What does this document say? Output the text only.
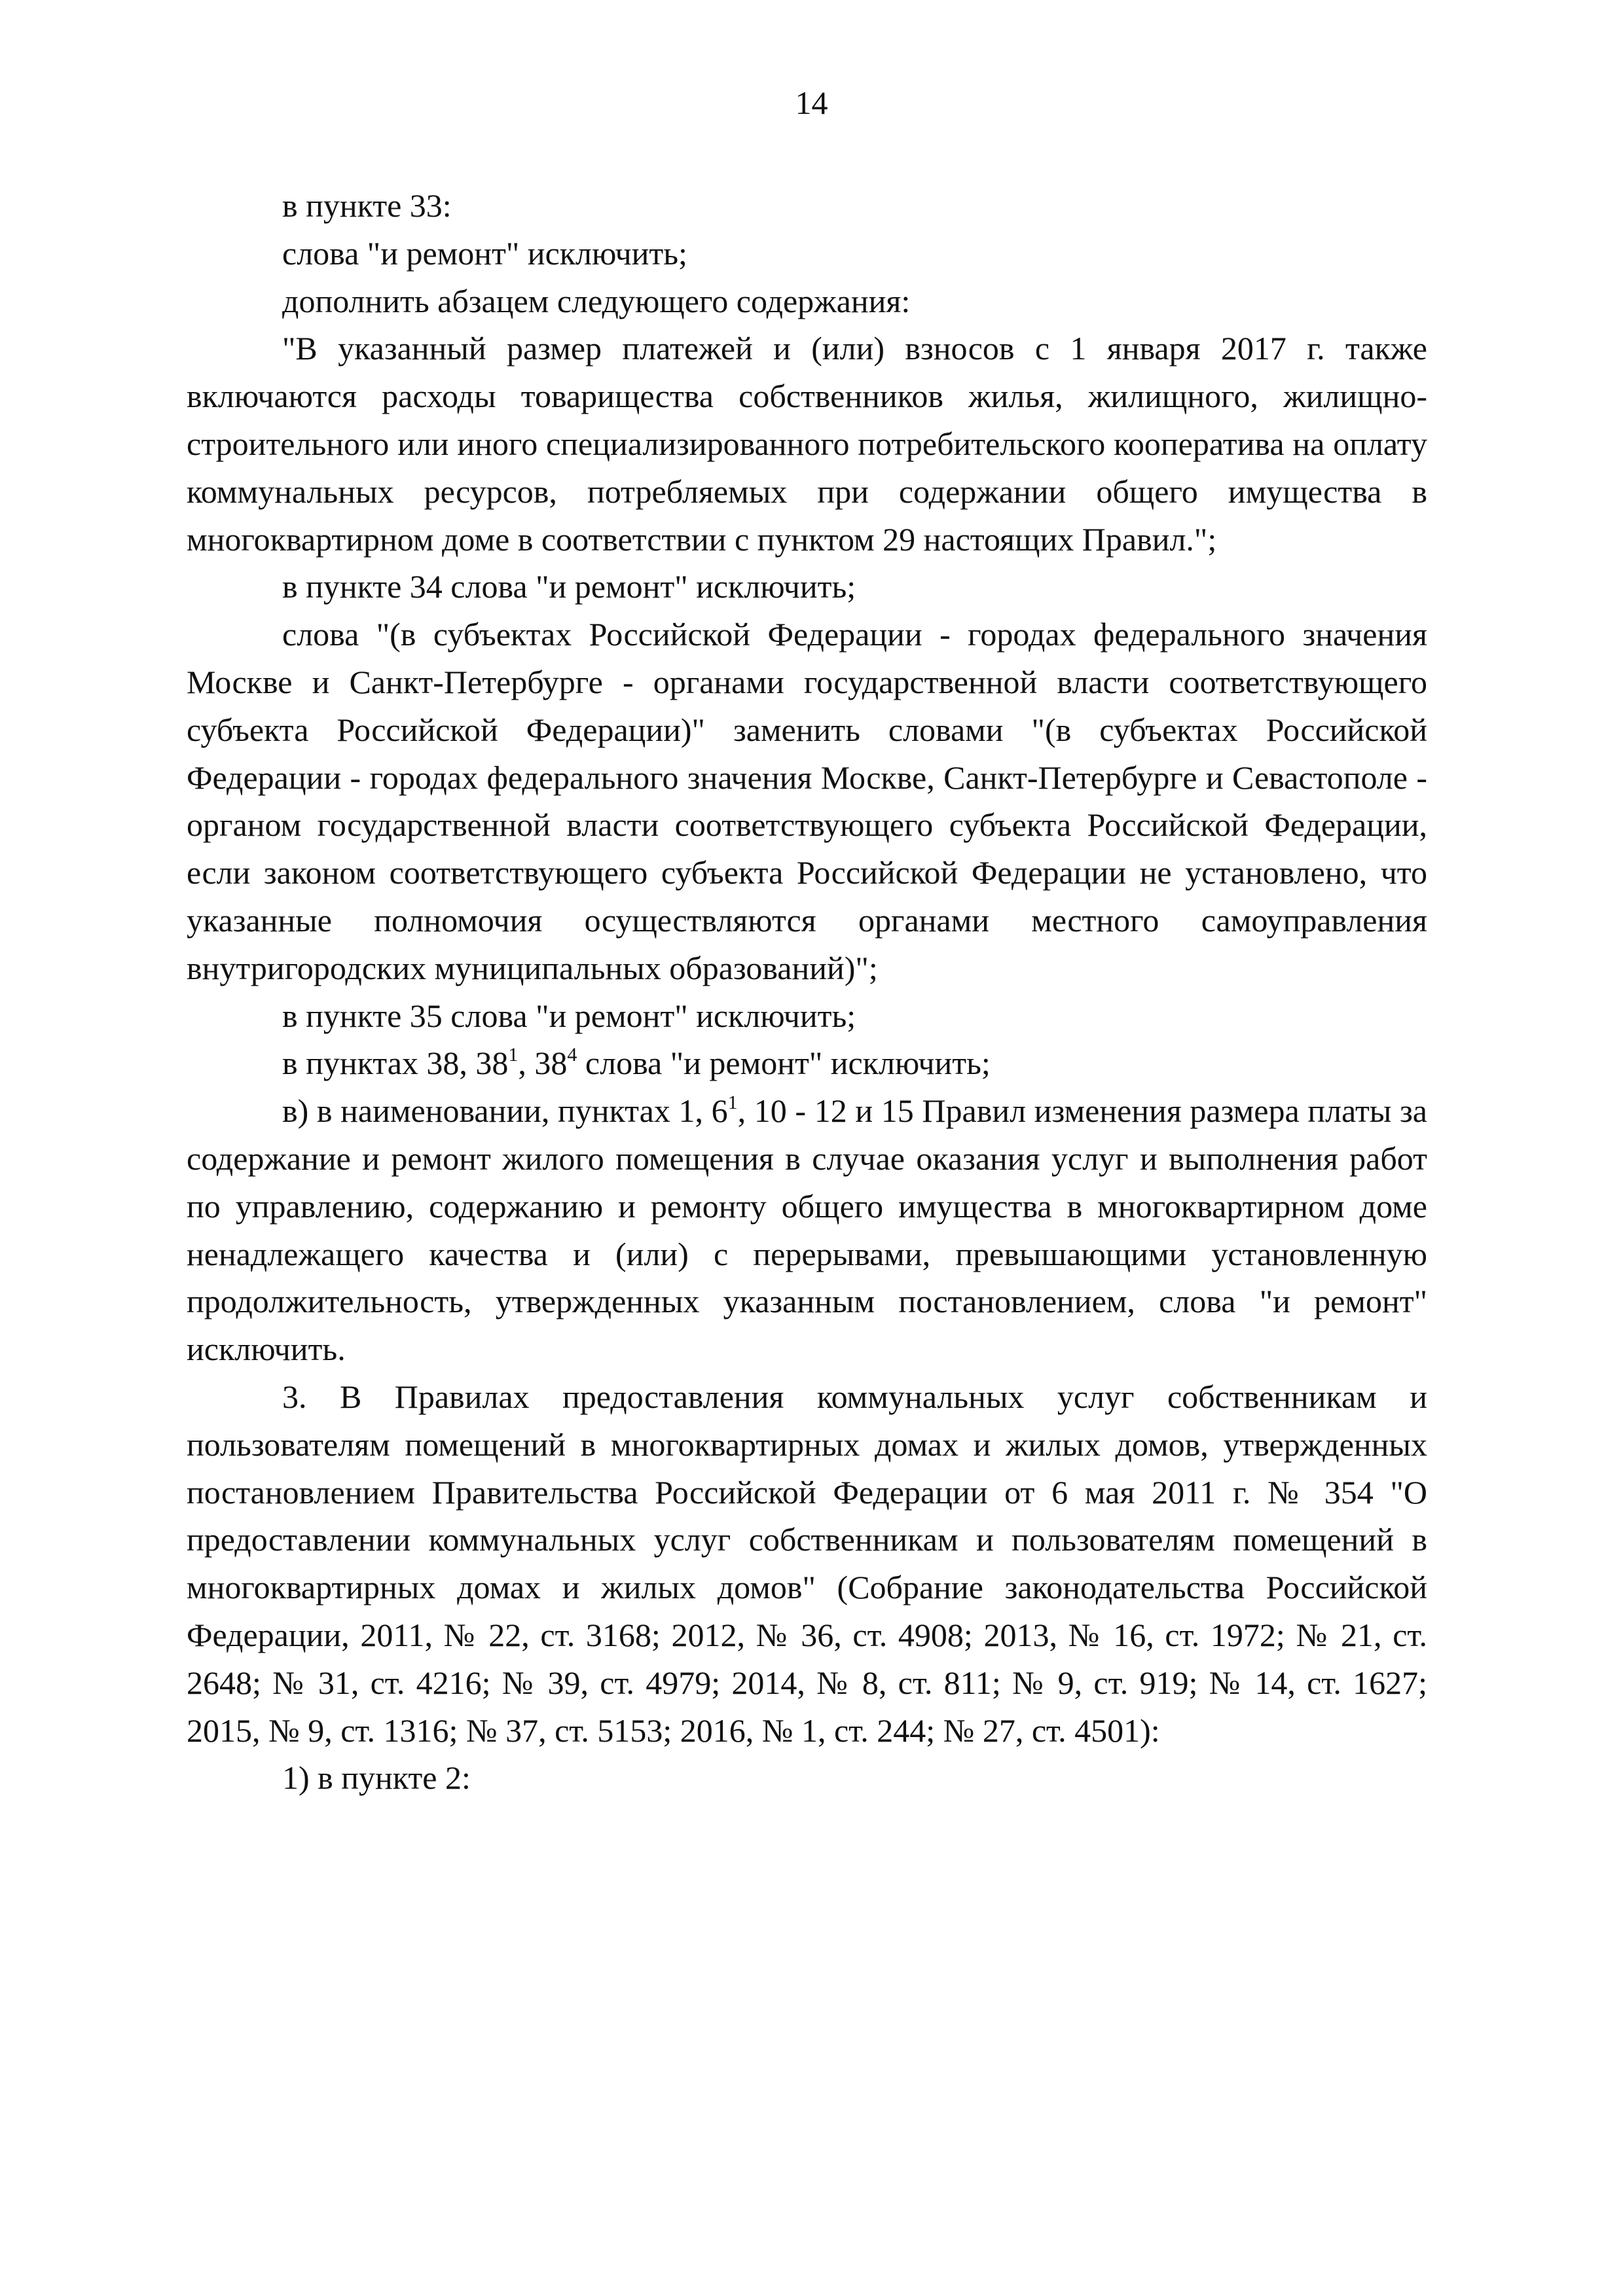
14

в пункте 33:

слова "и ремонт" исключить;

дополнить абзацем следующего содержания:

"В указанный размер платежей и (или) взносов с 1 января 2017 г. также включаются расходы товарищества собственников жилья, жилищного, жилищно-строительного или иного специализированного потребительского кооператива на оплату коммунальных ресурсов, потребляемых при содержании общего имущества в многоквартирном доме в соответствии с пунктом 29 настоящих Правил.";

в пункте 34 слова "и ремонт" исключить;

слова "(в субъектах Российской Федерации - городах федерального значения Москве и Санкт-Петербурге - органами государственной власти соответствующего субъекта Российской Федерации)" заменить словами "(в субъектах Российской Федерации - городах федерального значения Москве, Санкт-Петербурге и Севастополе - органом государственной власти соответствующего субъекта Российской Федерации, если законом соответствующего субъекта Российской Федерации не установлено, что указанные полномочия осуществляются органами местного самоуправления внутригородских муниципальных образований)";

в пункте 35 слова "и ремонт" исключить;

в пунктах 38, $38^1$, $38^4$ слова "и ремонт" исключить;

в) в наименовании, пунктах 1, $6^1$, 10 - 12 и 15 Правил изменения размера платы за содержание и ремонт жилого помещения в случае оказания услуг и выполнения работ по управлению, содержанию и ремонту общего имущества в многоквартирном доме ненадлежащего качества и (или) с перерывами, превышающими установленную продолжительность, утвержденных указанным постановлением, слова "и ремонт" исключить.

3. В Правилах предоставления коммунальных услуг собственникам и пользователям помещений в многоквартирных домах и жилых домов, утвержденных постановлением Правительства Российской Федерации от 6 мая 2011 г. № 354 "О предоставлении коммунальных услуг собственникам и пользователям помещений в многоквартирных домах и жилых домов" (Собрание законодательства Российской Федерации, 2011, № 22, ст. 3168; 2012, № 36, ст. 4908; 2013, № 16, ст. 1972; № 21, ст. 2648; № 31, ст. 4216; № 39, ст. 4979; 2014, № 8, ст. 811; № 9, ст. 919; № 14, ст. 1627; 2015, № 9, ст. 1316; № 37, ст. 5153; 2016, № 1, ст. 244; № 27, ст. 4501):

1) в пункте 2:
